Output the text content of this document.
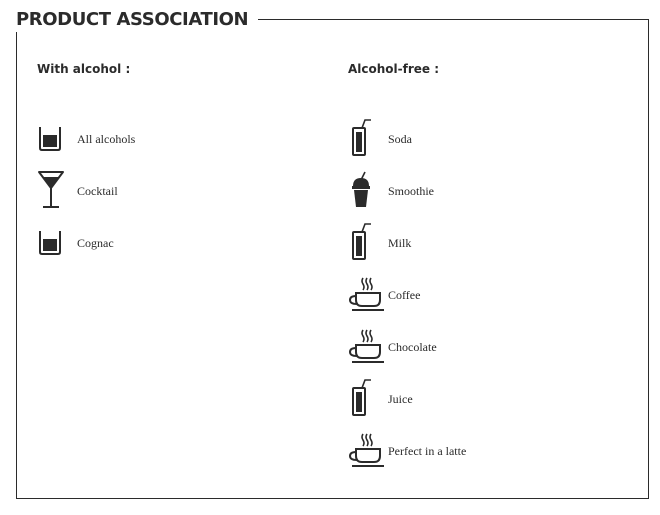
PRODUCT ASSOCIATION
With alcohol :
All alcohols
Cocktail
Cognac
Alcohol-free :
Soda
Smoothie
Milk
Coffee
Chocolate
Juice
Perfect in a latte
